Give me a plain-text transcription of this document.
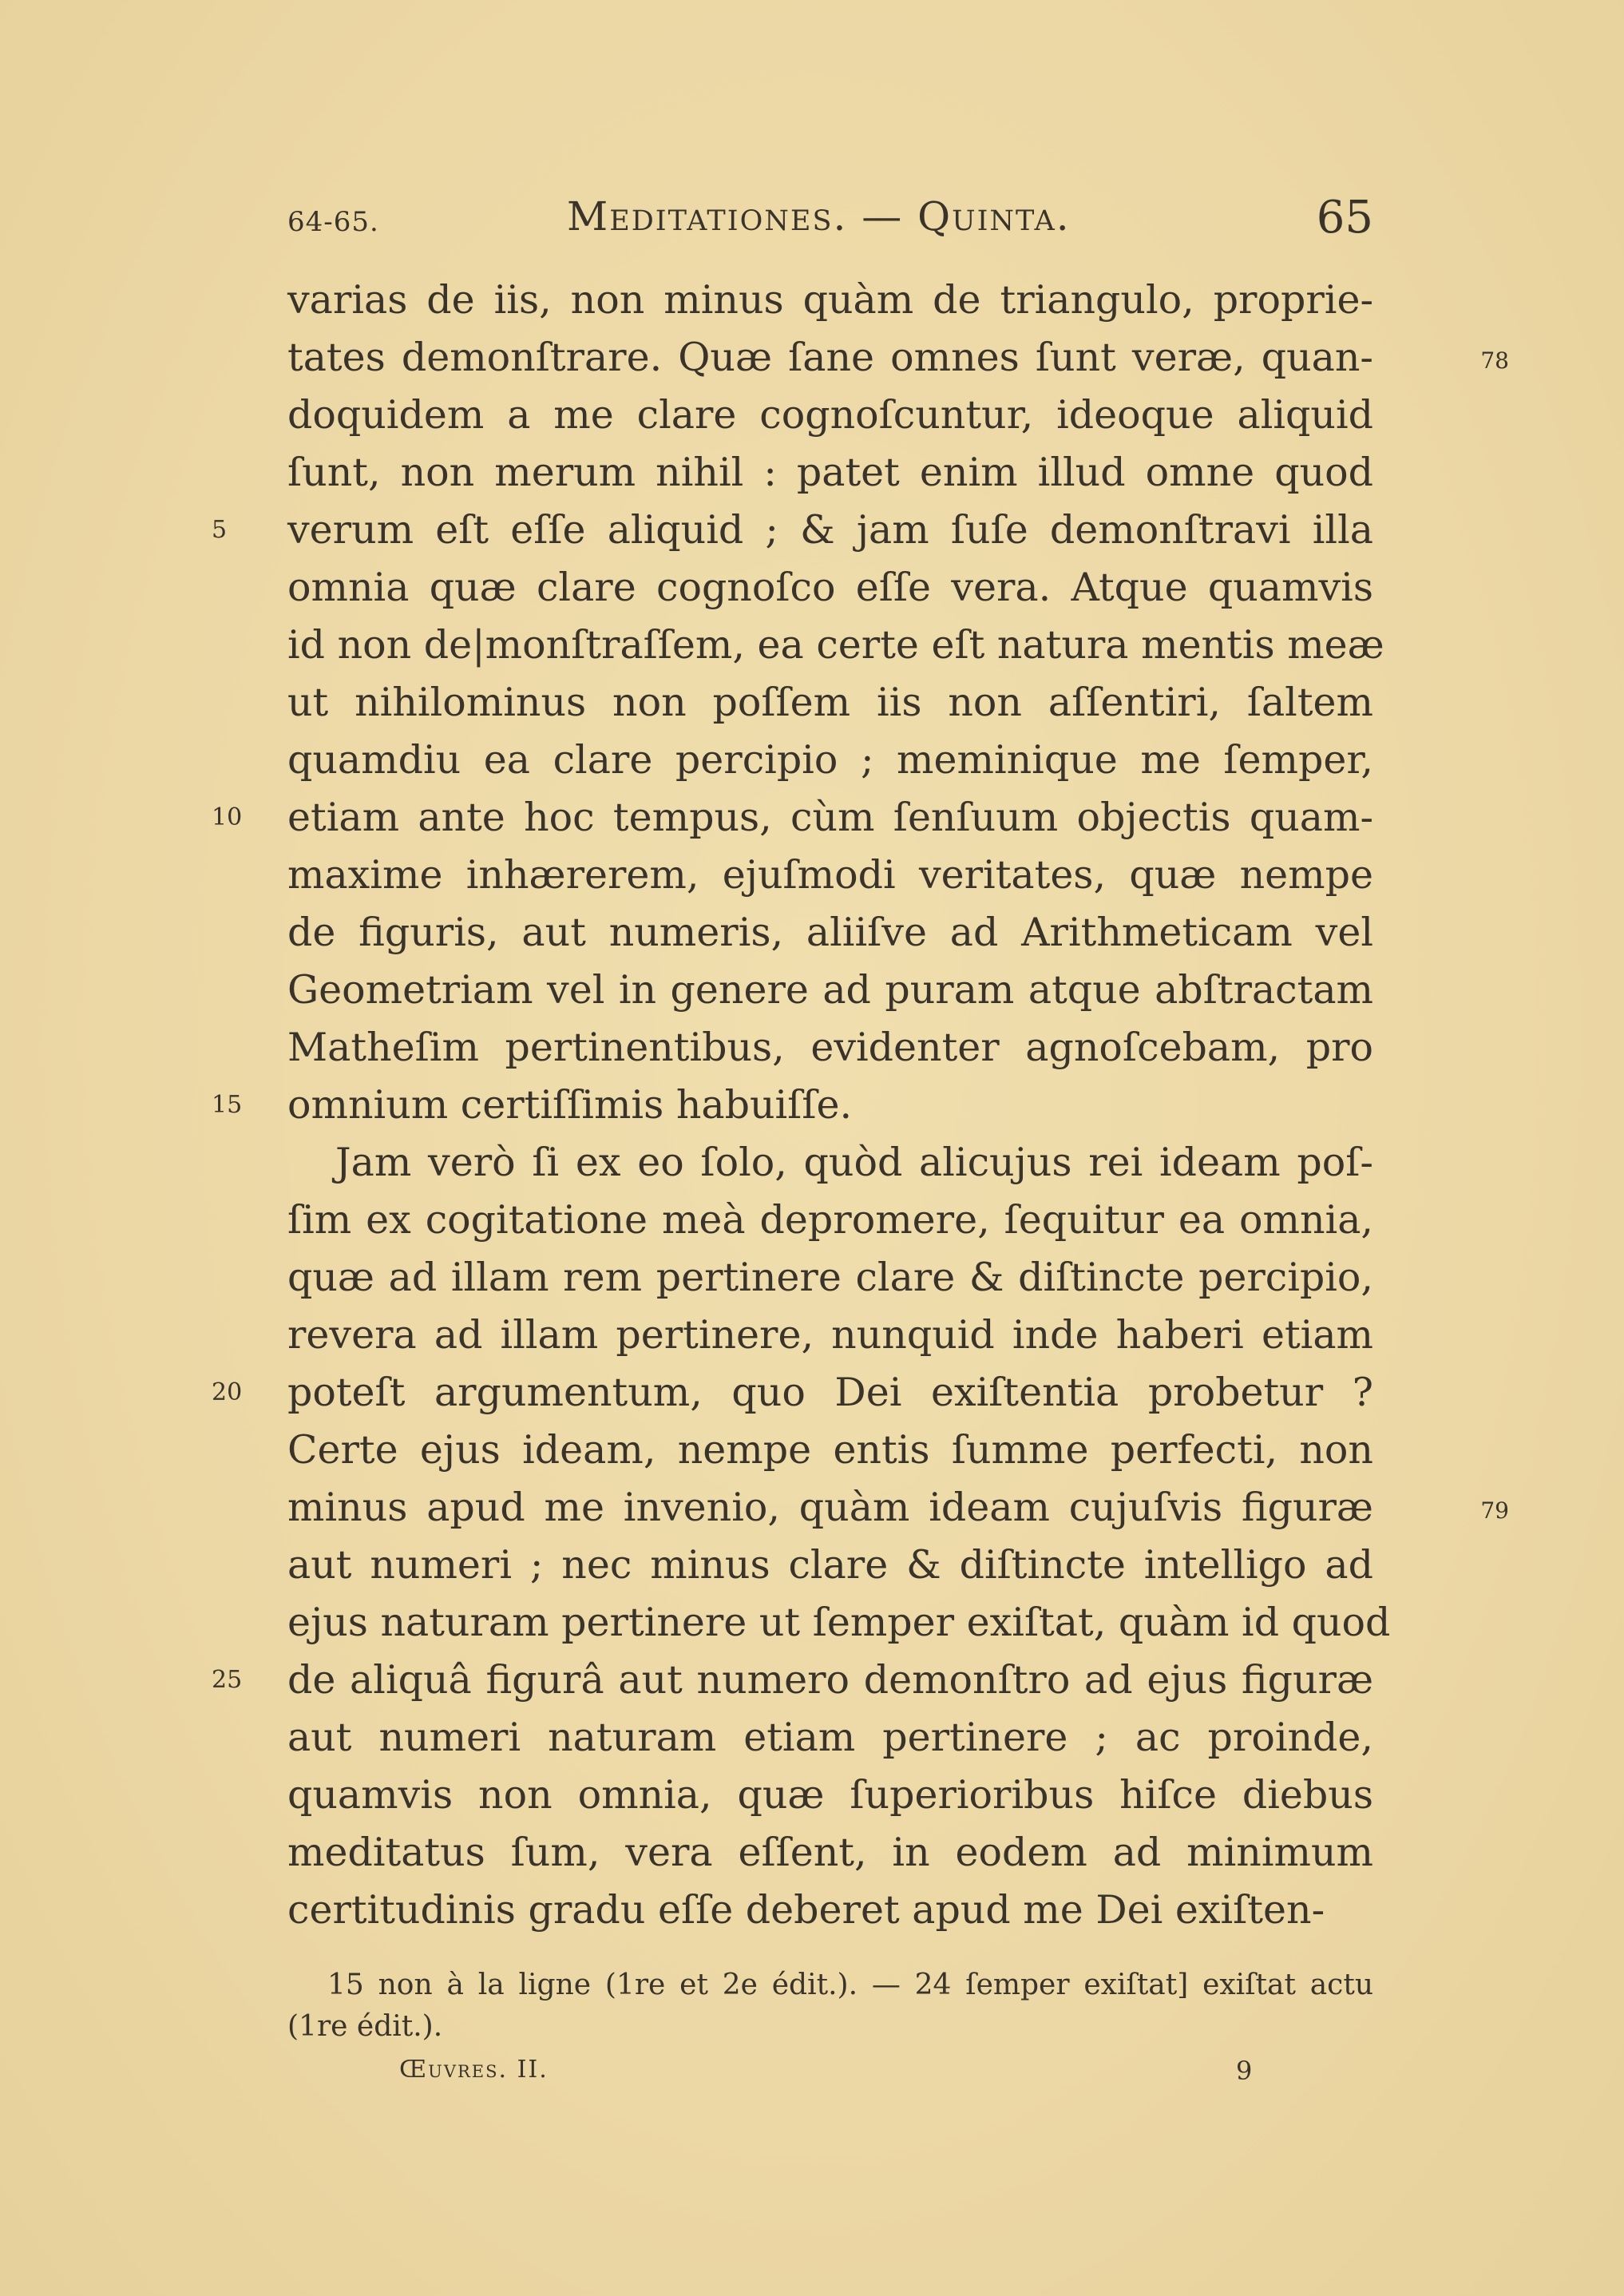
64-65.	Meditationes. — Quinta.	65
varias de iis, non minus quàm de triangulo, proprie-
tates demonſtrare. Quæ ſane omnes ſunt veræ, quan-	78
doquidem a me clare cognoſcuntur, ideoque aliquid
ſunt, non merum nihil : patet enim illud omne quod
verum eſt eſſe aliquid ; & jam ſuſe demonſtravi illa
5
omnia quæ clare cognoſco eſſe vera. Atque quamvis
id non de|monſtraſſem, ea certe eſt natura mentis meæ
ut nihilominus non poſſem iis non aſſentiri, ſaltem
quamdiu ea clare percipio ; meminique me ſemper,
etiam ante hoc tempus, cùm ſenſuum objectis quam-
10
maxime inhærerem, ejuſmodi veritates, quæ nempe
de figuris, aut numeris, aliiſve ad Arithmeticam vel
Geometriam vel in genere ad puram atque abſtractam
Matheſim pertinentibus, evidenter agnoſcebam, pro
omnium certiſſimis habuiſſe.
15
Jam verò ſi ex eo ſolo, quòd alicujus rei ideam poſ-
ſim ex cogitatione meà depromere, ſequitur ea omnia,
quæ ad illam rem pertinere clare & diſtincte percipio,
revera ad illam pertinere, nunquid inde haberi etiam
poteſt argumentum, quo Dei exiſtentia probetur ?
20
Certe ejus ideam, nempe entis ſumme perfecti, non
minus apud me invenio, quàm ideam cujuſvis figuræ	79
aut numeri ; nec minus clare & diſtincte intelligo ad
ejus naturam pertinere ut ſemper exiſtat, quàm id quod
de aliquâ figurâ aut numero demonſtro ad ejus figuræ
25
aut numeri naturam etiam pertinere ; ac proinde,
quamvis non omnia, quæ ſuperioribus hiſce diebus
meditatus ſum, vera eſſent, in eodem ad minimum
certitudinis gradu eſſe deberet apud me Dei exiſten-
15 non à la ligne (1re et 2e édit.). — 24 ſemper exiſtat] exiſtat actu
(1re édit.).
Œuvres. II.	9
